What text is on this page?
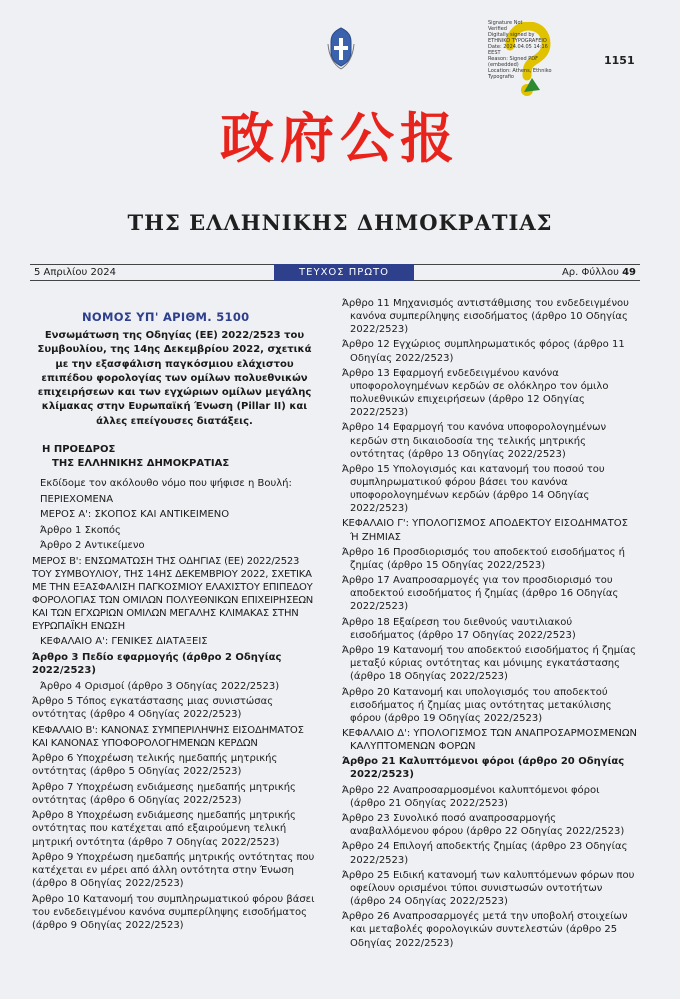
Signature Not
Verified
Digitally signed by
ETHNIKO TYPOGRAFEIO
Date: 2024.04.05 14:16
EEST
Reason: Signed PDF
(embedded)
Location: Athens, Ethniko
Typografio
1151
政府公报
ΤΗΣ ΕΛΛΗΝΙΚΗΣ ΔΗΜΟΚΡΑΤΙΑΣ
5 Απριλίου 2024	ΤΕΥΧΟΣ ΠΡΩΤΟ	Αρ. Φύλλου 49
ΝΟΜΟΣ ΥΠ' ΑΡΙΘΜ. 5100
Ενσωμάτωση της Οδηγίας (ΕΕ) 2022/2523 του Συμβουλίου, της 14ης Δεκεμβρίου 2022, σχετικά με την εξασφάλιση παγκόσμιου ελάχιστου επιπέδου φορολογίας των ομίλων πολυεθνικών επιχειρήσεων και των εγχώριων ομίλων μεγάλης κλίμακας στην Ευρωπαϊκή Ένωση (Pillar II) και άλλες επείγουσες διατάξεις.
Η ΠΡΟΕΔΡΟΣ
ΤΗΣ ΕΛΛΗΝΙΚΗΣ ΔΗΜΟΚΡΑΤΙΑΣ
Εκδίδομε τον ακόλουθο νόμο που ψήφισε η Βουλή:
ΠΕΡΙΕΧΟΜΕΝΑ
ΜΕΡΟΣ Α': ΣΚΟΠΟΣ ΚΑΙ ΑΝΤΙΚΕΙΜΕΝΟ
Άρθρο 1 Σκοπός
Άρθρο 2 Αντικείμενο
ΜΕΡΟΣ Β': ΕΝΣΩΜΑΤΩΣΗ ΤΗΣ ΟΔΗΓΙΑΣ (ΕΕ) 2022/2523 ΤΟΥ ΣΥΜΒΟΥΛΙΟΥ, ΤΗΣ 14ΗΣ ΔΕΚΕΜΒΡΙΟΥ 2022, ΣΧΕΤΙΚΑ ΜΕ ΤΗΝ ΕΞΑΣΦΑΛΙΣΗ ΠΑΓΚΟΣΜΙΟΥ ΕΛΑΧΙΣΤΟΥ ΕΠΙΠΕΔΟΥ ΦΟΡΟΛΟΓΙΑΣ ΤΩΝ ΟΜΙΛΩΝ ΠΟΛΥΕΘΝΙΚΩΝ ΕΠΙΧΕΙΡΗΣΕΩΝ ΚΑΙ ΤΩΝ ΕΓΧΩΡΙΩΝ ΟΜΙΛΩΝ ΜΕΓΑΛΗΣ ΚΛΙΜΑΚΑΣ ΣΤΗΝ ΕΥΡΩΠΑΪΚΗ ΕΝΩΣΗ
ΚΕΦΑΛΑΙΟ Α': ΓΕΝΙΚΕΣ ΔΙΑΤΑΞΕΙΣ
Άρθρο 3 Πεδίο εφαρμογής (άρθρο 2 Οδηγίας 2022/2523)
Άρθρο 4 Ορισμοί (άρθρο 3 Οδηγίας 2022/2523)
Άρθρο 5 Τόπος εγκατάστασης μιας συνιστώσας οντότητας (άρθρο 4 Οδηγίας 2022/2523)
ΚΕΦΑΛΑΙΟ Β': ΚΑΝΟΝΑΣ ΣΥΜΠΕΡΙΛΗΨΗΣ ΕΙΣΟΔΗΜΑΤΟΣ ΚΑΙ ΚΑΝΟΝΑΣ ΥΠΟΦΟΡΟΛΟΓΗΜΕΝΩΝ ΚΕΡΔΩΝ
Άρθρο 6 Υποχρέωση τελικής ημεδαπής μητρικής οντότητας (άρθρο 5 Οδηγίας 2022/2523)
Άρθρο 7 Υποχρέωση ενδιάμεσης ημεδαπής μητρικής οντότητας (άρθρο 6 Οδηγίας 2022/2523)
Άρθρο 8 Υποχρέωση ενδιάμεσης ημεδαπής μητρικής οντότητας που κατέχεται από εξαιρούμενη τελική μητρική οντότητα (άρθρο 7 Οδηγίας 2022/2523)
Άρθρο 9 Υποχρέωση ημεδαπής μητρικής οντότητας που κατέχεται εν μέρει από άλλη οντότητα στην Ένωση (άρθρο 8 Οδηγίας 2022/2523)
Άρθρο 10 Κατανομή του συμπληρωματικού φόρου βάσει του ενδεδειγμένου κανόνα συμπερίληψης εισοδήματος (άρθρο 9 Οδηγίας 2022/2523)
Άρθρο 11 Μηχανισμός αντιστάθμισης του ενδεδειγμένου κανόνα συμπερίληψης εισοδήματος (άρθρο 10 Οδηγίας 2022/2523)
Άρθρο 12 Εγχώριος συμπληρωματικός φόρος (άρθρο 11 Οδηγίας 2022/2523)
Άρθρο 13 Εφαρμογή ενδεδειγμένου κανόνα υποφορολογημένων κερδών σε ολόκληρο τον όμιλο πολυεθνικών επιχειρήσεων (άρθρο 12 Οδηγίας 2022/2523)
Άρθρο 14 Εφαρμογή του κανόνα υποφορολογημένων κερδών στη δικαιοδοσία της τελικής μητρικής οντότητας (άρθρο 13 Οδηγίας 2022/2523)
Άρθρο 15 Υπολογισμός και κατανομή του ποσού του συμπληρωματικού φόρου βάσει του κανόνα υποφορολογημένων κερδών (άρθρο 14 Οδηγίας 2022/2523)
ΚΕΦΑΛΑΙΟ Γ': ΥΠΟΛΟΓΙΣΜΟΣ ΑΠΟΔΕΚΤΟΥ ΕΙΣΟΔΗΜΑΤΟΣ Ή ΖΗΜΙΑΣ
Άρθρο 16 Προσδιορισμός του αποδεκτού εισοδήματος ή ζημίας (άρθρο 15 Οδηγίας 2022/2523)
Άρθρο 17 Αναπροσαρμογές για τον προσδιορισμό του αποδεκτού εισοδήματος ή ζημίας (άρθρο 16 Οδηγίας 2022/2523)
Άρθρο 18 Εξαίρεση του διεθνούς ναυτιλιακού εισοδήματος (άρθρο 17 Οδηγίας 2022/2523)
Άρθρο 19 Κατανομή του αποδεκτού εισοδήματος ή ζημίας μεταξύ κύριας οντότητας και μόνιμης εγκατάστασης (άρθρο 18 Οδηγίας 2022/2523)
Άρθρο 20 Κατανομή και υπολογισμός του αποδεκτού εισοδήματος ή ζημίας μιας οντότητας μετακύλισης φόρου (άρθρο 19 Οδηγίας 2022/2523)
ΚΕΦΑΛΑΙΟ Δ': ΥΠΟΛΟΓΙΣΜΟΣ ΤΩΝ ΑΝΑΠΡΟΣΑΡΜΟΣΜΕΝΩΝ ΚΑΛΥΠΤΟΜΕΝΩΝ ΦΟΡΩΝ
Άρθρο 21 Καλυπτόμενοι φόροι (άρθρο 20 Οδηγίας 2022/2523)
Άρθρο 22 Αναπροσαρμοσμένοι καλυπτόμενοι φόροι (άρθρο 21 Οδηγίας 2022/2523)
Άρθρο 23 Συνολικό ποσό αναπροσαρμογής αναβαλλόμενου φόρου (άρθρο 22 Οδηγίας 2022/2523)
Άρθρο 24 Επιλογή αποδεκτής ζημίας (άρθρο 23 Οδηγίας 2022/2523)
Άρθρο 25 Ειδική κατανομή των καλυπτόμενων φόρων που οφείλουν ορισμένοι τύποι συνιστωσών οντοτήτων (άρθρο 24 Οδηγίας 2022/2523)
Άρθρο 26 Αναπροσαρμογές μετά την υποβολή στοιχείων και μεταβολές φορολογικών συντελεστών (άρθρο 25 Οδηγίας 2022/2523)
